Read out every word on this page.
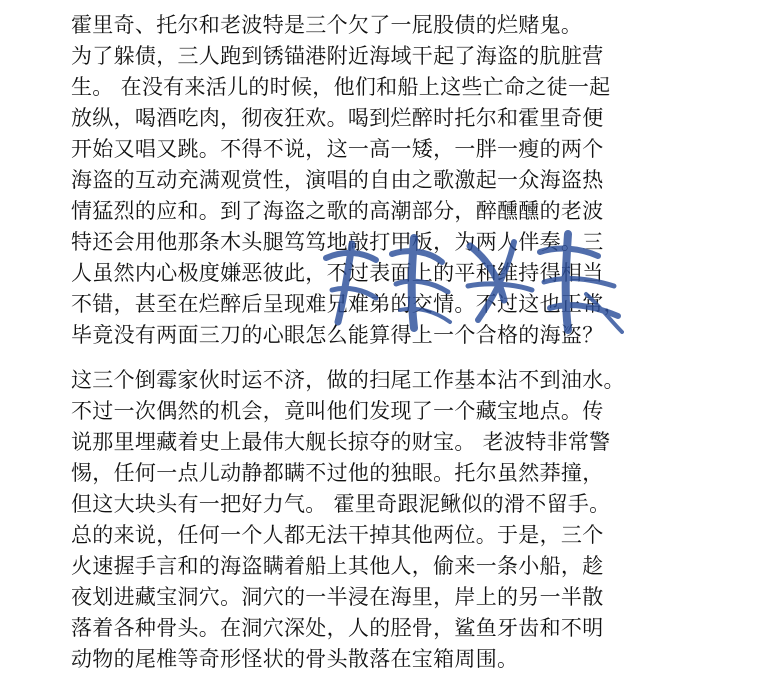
霍里奇、托尔和老波特是三个欠了一屁股债的烂赌鬼。
为了躲债，三人跑到锈锚港附近海域干起了海盗的肮脏营
生。 在没有来活儿的时候，他们和船上这些亡命之徒一起
放纵，喝酒吃肉，彻夜狂欢。喝到烂醉时托尔和霍里奇便
开始又唱又跳。不得不说，这一高一矮，一胖一瘦的两个
海盗的互动充满观赏性，演唱的自由之歌激起一众海盗热
情猛烈的应和。到了海盗之歌的高潮部分，醉醺醺的老波
特还会用他那条木头腿笃笃地敲打甲板，为两人伴奏。三
人虽然内心极度嫌恶彼此，不过表面上的平和维持得相当
不错，甚至在烂醉后呈现难兄难弟的交情。不过这也正常，
毕竟没有两面三刀的心眼怎么能算得上一个合格的海盗？
这三个倒霉家伙时运不济，做的扫尾工作基本沾不到油水。
不过一次偶然的机会，竟叫他们发现了一个藏宝地点。传
说那里埋藏着史上最伟大舰长掠夺的财宝。 老波特非常警
惕，任何一点儿动静都瞒不过他的独眼。托尔虽然莽撞，
但这大块头有一把好力气。 霍里奇跟泥鳅似的滑不留手。
总的来说，任何一个人都无法干掉其他两位。于是，三个
火速握手言和的海盗瞒着船上其他人，偷来一条小船，趁
夜划进藏宝洞穴。洞穴的一半浸在海里，岸上的另一半散
落着各种骨头。在洞穴深处，人的胫骨，鲨鱼牙齿和不明
动物的尾椎等奇形怪状的骨头散落在宝箱周围。
